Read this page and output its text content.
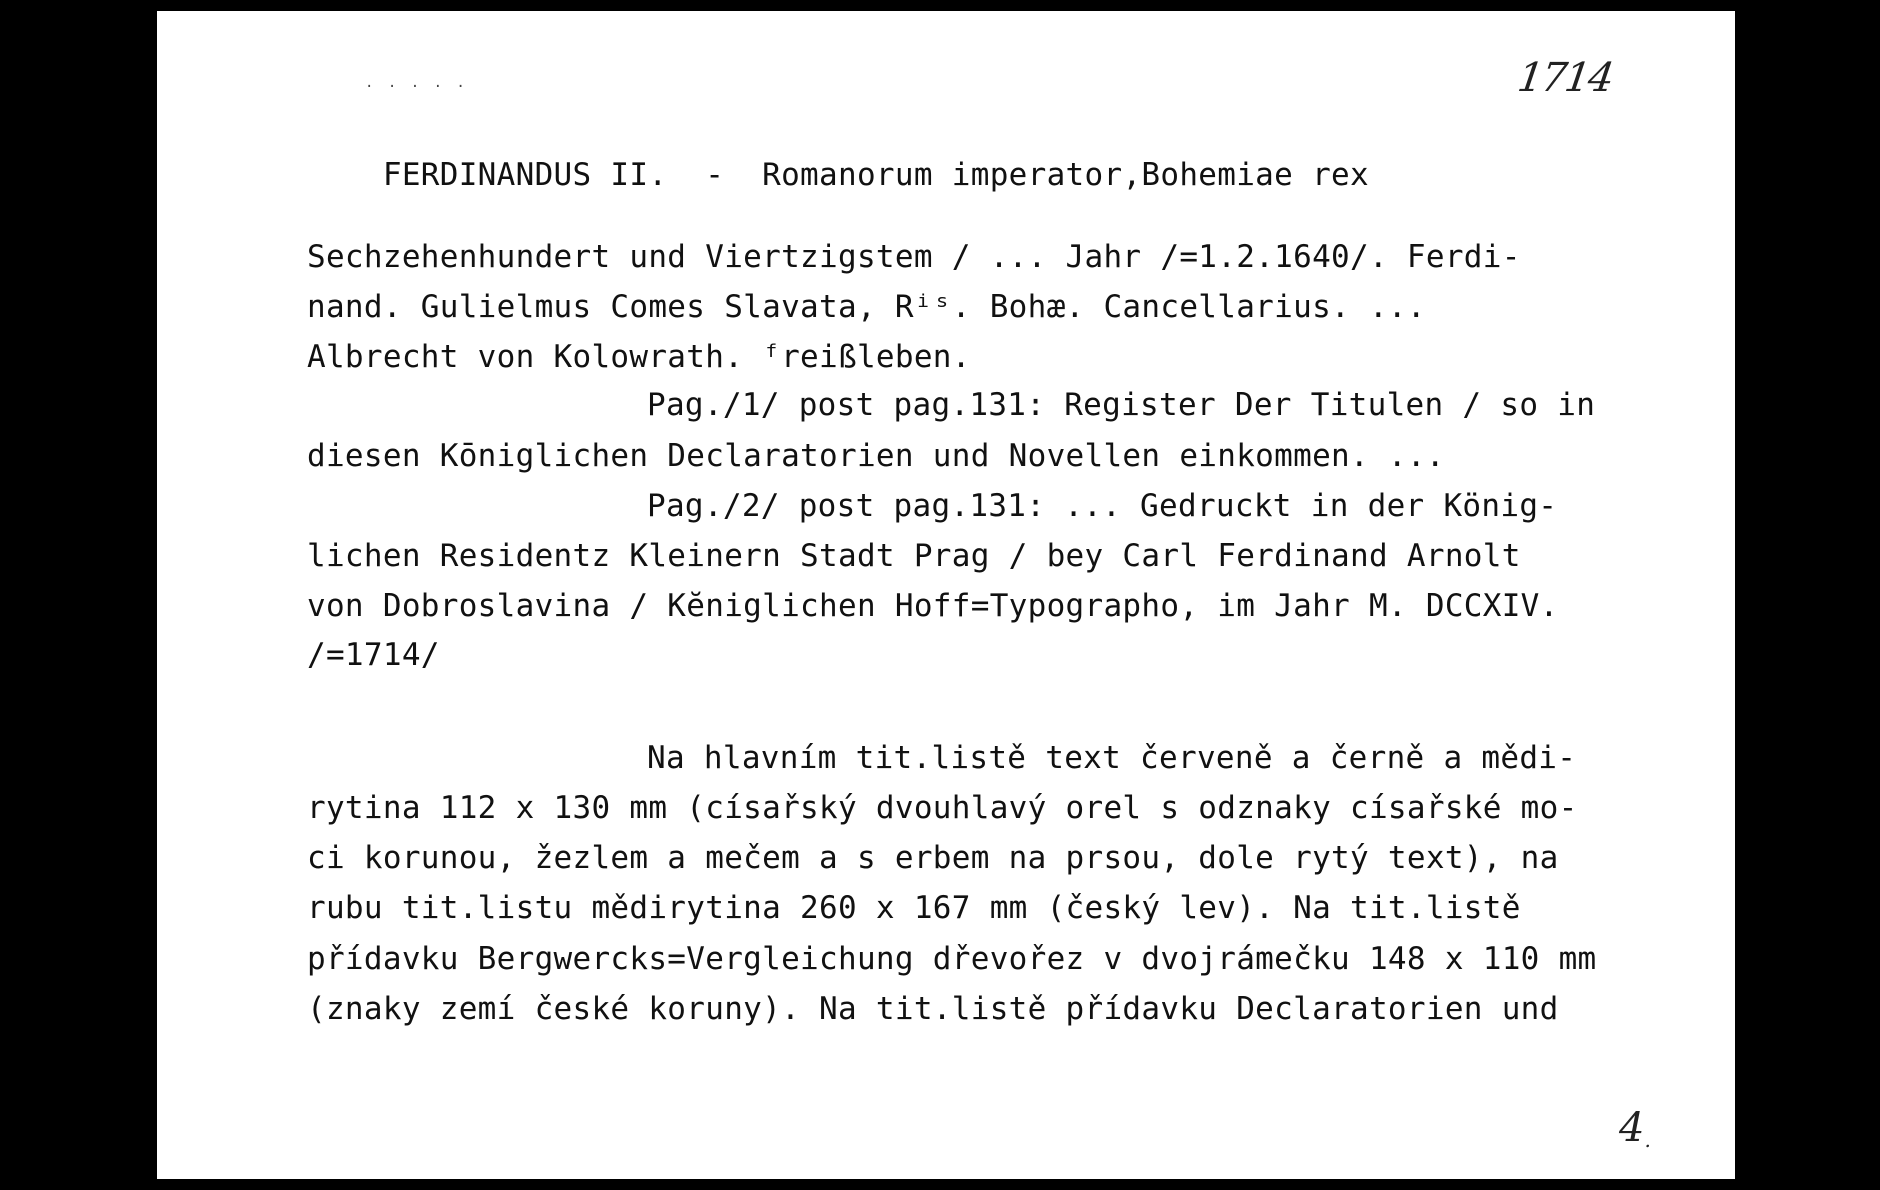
. . . . .

FERDINANDUS II.  -  Romanorum imperator,Bohemiae rex

1714
Sechzehenhundert und Viertzigstem / ... Jahr /=1.2.1640/. Ferdi-
nand. Gulielmus Comes Slavata, Rⁱˢ. Bohæ. Cancellarius. ...
Albrecht von Kolowrath. ᶠreißleben.
Pag./1/ post pag.131: Register Der Titulen / so in
diesen Kōniglichen Declaratorien und Novellen einkommen. ...
Pag./2/ post pag.131: ... Gedruckt in der König-
lichen Residentz Kleinern Stadt Prag / bey Carl Ferdinand Arnolt
von Dobroslavina / Kĕniglichen Hoff=Typographo, im Jahr M. DCCXIV.
/=1714/
Na hlavním tit.listě text červeně a černě a mědi-
rytina 112 x 130 mm (císařský dvouhlavý orel s odznaky císařské mo-
ci korunou, žezlem a mečem a s erbem na prsou, dole rytý text), na
rubu tit.listu mědirytina 260 x 167 mm (český lev). Na tit.listě
přídavku Bergwercks=Vergleichung dřevořez v dvojrámečku 148 x 110 mm
(znaky zemí české koruny). Na tit.listě přídavku Declaratorien und
4.
